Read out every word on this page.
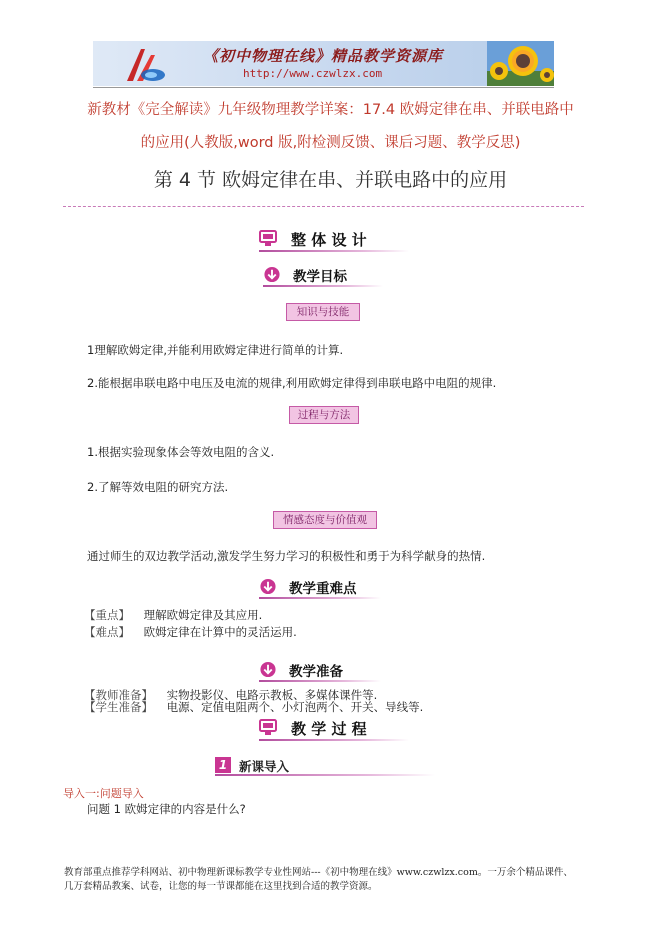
《初中物理在线》精品教学资源库
http://www.czwlzx.com
新教材《完全解读》九年级物理教学详案：17.4 欧姆定律在串、并联电路中
的应用(人教版,word 版,附检测反馈、课后习题、教学反思)
第 4 节 欧姆定律在串、并联电路中的应用
整 体 设 计
教学目标
知识与技能
1理解欧姆定律,并能利用欧姆定律进行简单的计算.
2.能根据串联电路中电压及电流的规律,利用欧姆定律得到串联电路中电阻的规律.
过程与方法
1.根据实验现象体会等效电阻的含义.
2.了解等效电阻的研究方法.
情感态度与价值观
通过师生的双边教学活动,激发学生努力学习的积极性和勇于为科学献身的热情.
教学重难点
【重点】 理解欧姆定律及其应用.
【难点】 欧姆定律在计算中的灵活运用.
教学准备
【教师准备】 实物投影仪、电路示教板、多媒体课件等.
【学生准备】 电源、定值电阻两个、小灯泡两个、开关、导线等.
教 学 过 程
1 新课导入
导入一:问题导入
问题 1 欧姆定律的内容是什么?
教育部重点推荐学科网站、初中物理新课标教学专业性网站---《初中物理在线》www.czwlzx.com。一万余个精品课件、
几万套精品教案、试卷，让您的每一节课都能在这里找到合适的教学资源。
